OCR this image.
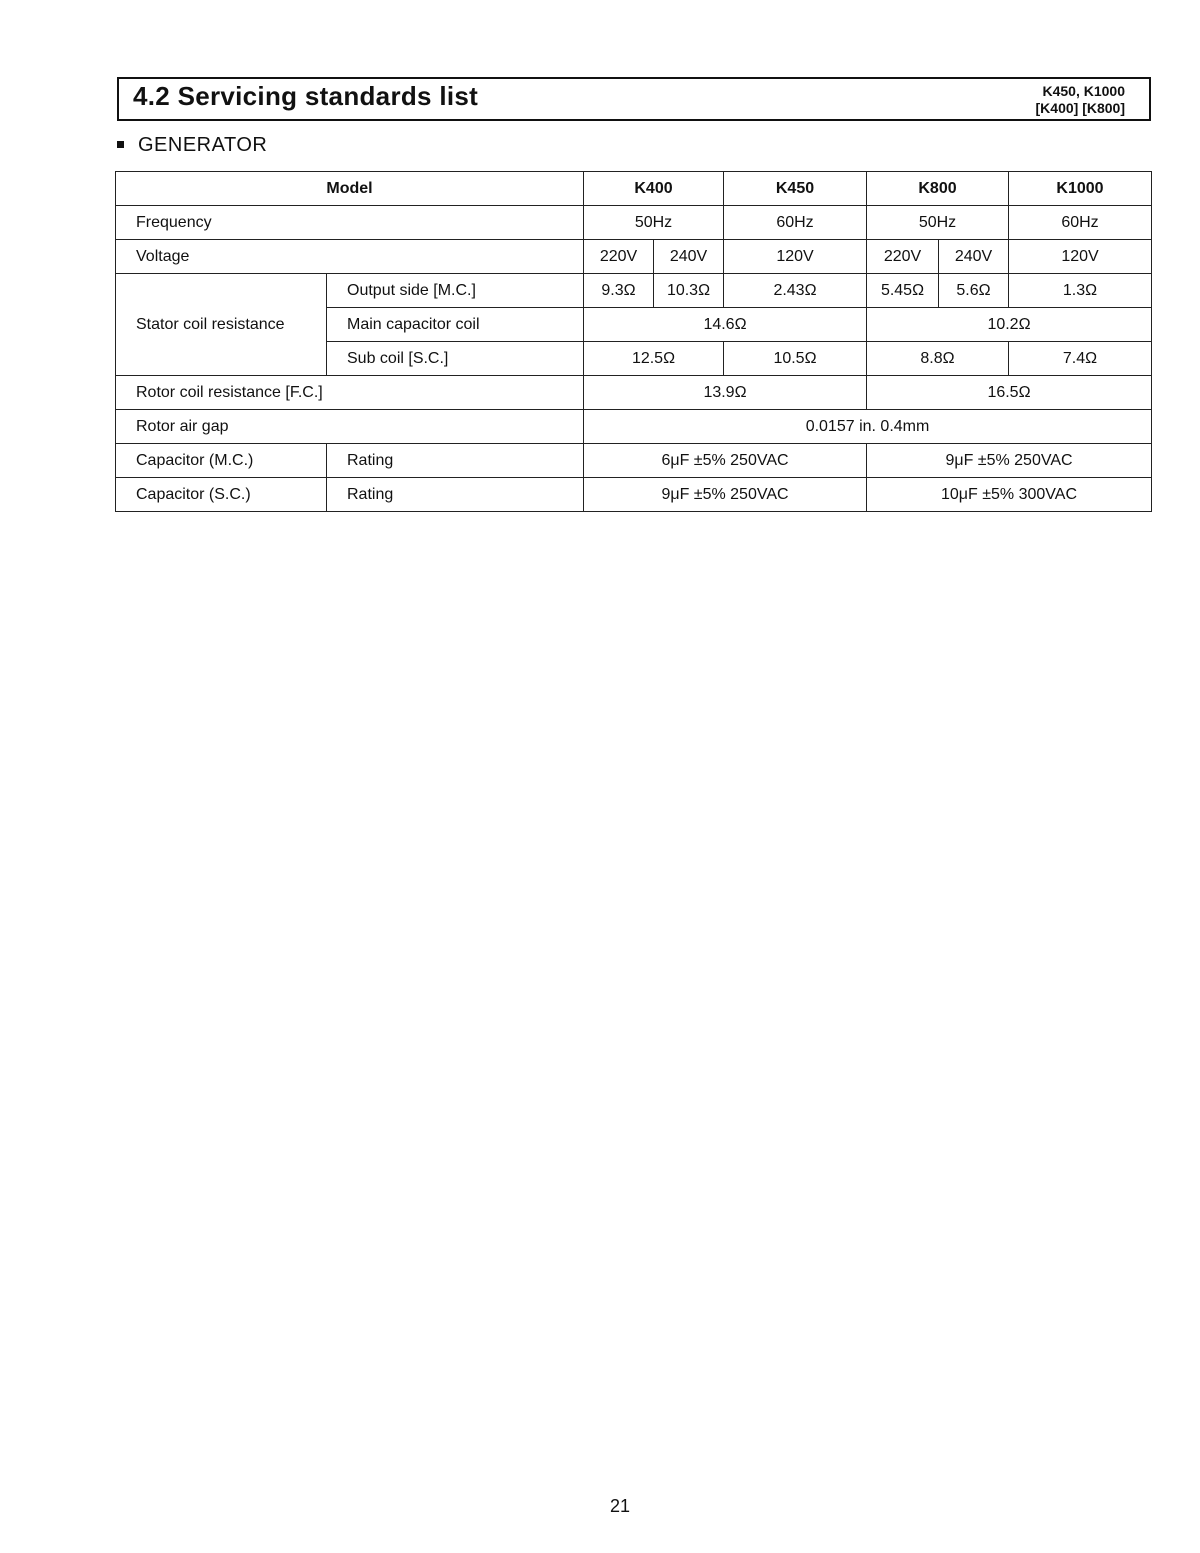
4.2 Servicing standards list	K450, K1000
[K400] [K800]
GENERATOR
Model		K400		K450	K800		K1000
Frequency		50Hz		60Hz	50Hz		60Hz
Voltage		220V	240V	120V	220V	240V	120V
Stator coil resistance	Output side [M.C.]	9.3Ω	10.3Ω	2.43Ω	5.45Ω	5.6Ω	1.3Ω
	Main capacitor coil	14.6Ω			10.2Ω		
	Sub coil [S.C.]	12.5Ω		10.5Ω	8.8Ω		7.4Ω
Rotor coil resistance [F.C.]		13.9Ω			16.5Ω		
Rotor air gap		0.0157 in. 0.4mm					
Capacitor (M.C.)	Rating	6μF ±5% 250VAC			9μF ±5% 250VAC		
Capacitor (S.C.)	Rating	9μF ±5% 250VAC			10μF ±5% 300VAC		
21
